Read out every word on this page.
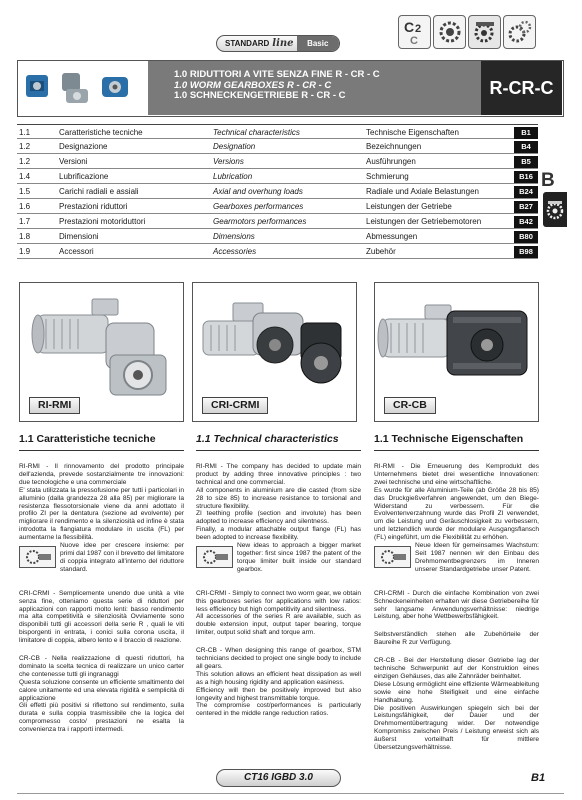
STANDARD line	Basic
C 2
C
1.0 RIDUTTORI A VITE SENZA FINE R - CR - C
1.0 WORM GEARBOXES R - CR - C
1.0 SCHNECKENGETRIEBE R - CR - C	R-CR-C
1.1	Caratteristiche tecniche	Technical characteristics	Technische Eigenschaften	B1
1.2	Designazione	Designation	Bezeichnungen	B4
1.2	Versioni	Versions	Ausführungen	B5
1.4	Lubrificazione	Lubrication	Schmierung	B16
1.5	Carichi radiali e assiali	Axial and overhung loads	Radiale und Axiale Belastungen	B24
1.6	Prestazioni riduttori	Gearboxes performances	Leistungen der Getriebe	B27
1.7	Prestazioni motoriduttori	Gearmotors performances	Leistungen der Getriebemotoren	B42
1.8	Dimensioni	Dimensions	Abmessungen	B80
1.9	Accessori	Accessories	Zubehör	B98
B
RI-RMI	CRI-CRMI	CR-CB
1.1 Caratteristiche tecniche	1.1 Technical characteristics	1.1 Technische Eigenschaften

RI-RMI - Il rinnovamento del prodotto principale dell'azienda, prevede sostanzialmente tre innovazioni: due tecnologiche e una commerciale

E' stata utilizzata la pressofusione per tutti i particolari in alluminio (dalla grandezza 28 alla 85) per migliorare la resistenza flessotorsionale viene da anni adottato il profilo ZI per la dentatura (sezione ad evolvente) per migliorare il rendimento e la silenziosità ed infine è stata introdotta la flangiatura modulare in uscita (FL) per aumentarne la flessibilità.

Nuove idee per crescere insieme: per primi dal 1987 con il brevetto del limitatore di coppia integrato all'interno del riduttore standard.

CRI-CRMI - Semplicemente unendo due unità a vite senza fine, otteniamo questa serie di riduttori per applicazioni con rapporti molto lenti: basso rendimento ma alta competitività e silenziosità Ovviamente sono disponibili tutti gli accessori della serie R , quali le viti bisporgenti in entrata, i conici sulla corona uscita, il limitatore di coppia, albero lento e il braccio di reazione.

CR-CB - Nella realizzazione di questi riduttori, ha dominato la scelta tecnica di realizzare un unico carter che contenesse tutti gli ingranaggi

Questa soluzione consente un efficiente smaltimento del calore unitamente ed una elevata rigidità e semplicità di applicazione

Gli effetti più positivi si riflettono sul rendimento, sulla durata e sulla coppia trasmissibile che la logica del compromesso costo/ prestazioni ne esalta la convenienza tra i rapporti intermedi.

RI-RMI - The company has decided to update main product by adding three innovative principles : two technical and one commercial.

All components in aluminium are die casted (from size 28 to size 85) to increase resistance to torsional and structure flexibility.

ZI teething profile (section and involute) has been adopted to increase efficiency and silentness.

Finally, a modular attachable output flange (FL) has been adopted to increase flexibility.

New ideas to approach a bigger market together: first since 1987 the patent of the torque limiter built inside our standard gearbox.

CRI-CRMI - Simply to connect two worm gear, we obtain this gearboxes series for applications with low ratios: less efficiency but high competitivity and silentness.

All accessories of the series R are available, such as double extension input, output taper bearing, torque limiter, output solid shaft and torque arm.

CR-CB - When designing this range of gearbox, STM technicians decided to project one single body to include all gears.

This solution allows an efficient heat dissipation as well as a high housing rigidity and application easiness.

Efficiency will then be positively improved but also longevity and highest transmittable torque.

The compromise cost/performances is particularly centered in the middle range reduction ratios.

RI-RMI - Die Erneuerung des Kemprodukt des Unternehmens bietet drei wesentliche Innovationen: zwei technische und eine wirtschaftliche.

Es wurde für alle Aluminium-Teile (ab Größe 28 bis 85) das Druckgießverfahren angewendet, um den Biege-Widerstand zu verbessern. Für die Evolventenverzahnung wurde das Profil ZI verwendet, um die Leistung und Geräuschlosigkeit zu verbessern, und letztendlich wurde der modulare Ausgangsflansch (FL) eingeführt, um die Flexibilität zu erhöhen.

Neue Ideen für gemeinsames Wachstum: Seit 1987 nennen wir den Einbau des Drehmomentbegrenzers im Inneren unserer Standardgetriebe unser Patent.

CRI-CRMI - Durch die einfache Kombination von zwei Schneckeneinheiten erhalten wir diese Getriebereihe für sehr langsame Anwendungsverhältnisse: niedrige Leistung, aber hohe Wettbewerbsfähigkeit.

Selbstverständlich stehen alle Zubehörteile der Baureihe R zur Verfügung.

CR-CB - Bei der Herstellung dieser Getriebe lag der technische Schwerpunkt auf der Konstruktion eines einzigen Gehäuses, das alle Zahnräder beinhaltet.

Diese Lösung ermöglicht eine effiziente Wärmeableitung sowie eine hohe Steifigkeit und eine einfache Handhabung.

Die positiven Auswirkungen spiegeln sich bei der Leistungsfähigkeit, der Dauer und der Drehmomentübertragung wider. Der notwendige Kompromiss zwischen Preis / Leistung erweist sich als äußerst vorteilhaft für mittlere Übersetzungsverhältnisse.

CT16 IGBD 3.0	B1
